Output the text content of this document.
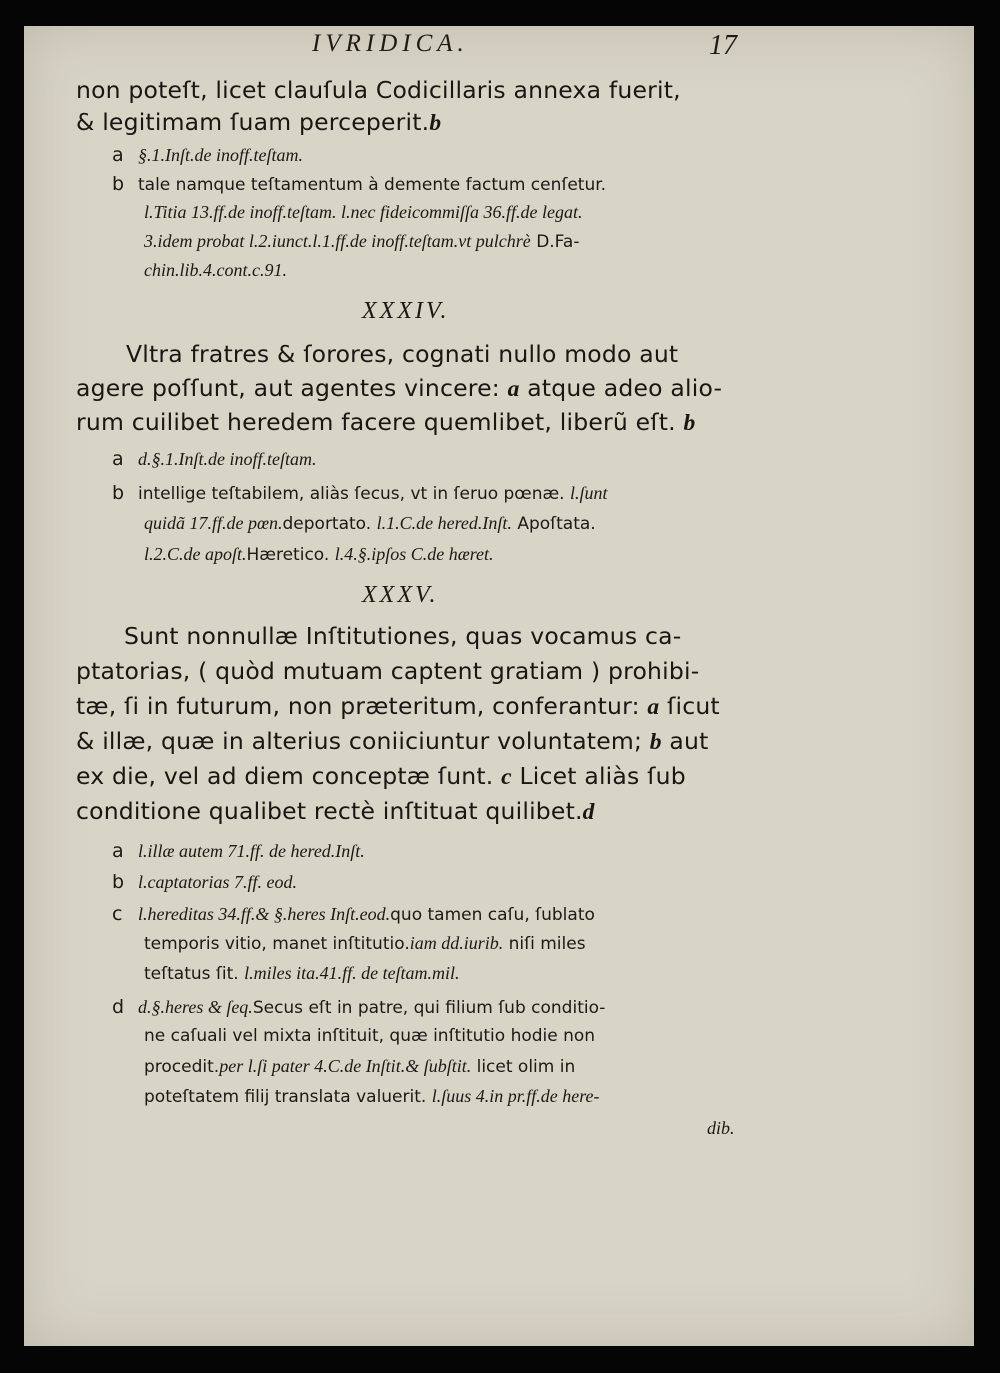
IVRIDICA.	17
non poteſt, licet clauſula Codicillaris annexa fuerit,
& legitimam ſuam perceperit.b
a §.1.Inſt.de inoff.teſtam.
b tale namque teſtamentum à demente factum cenſetur.
l.Titia 13.ff.de inoff.teſtam. l.nec fideicommiſſa 36.ff.de legat.
3.idem probat l.2.iunct.l.1.ff.de inoff.teſtam.vt pulchrè D.Fa-
chin.lib.4.cont.c.91.
XXXIV.
Vltra fratres & ſorores, cognati nullo modo aut
agere poſſunt, aut agentes vincere: a atque adeo alio-
rum cuilibet heredem facere quemlibet, liberũ eſt. b
a d.§.1.Inſt.de inoff.teſtam.
b intellige teſtabilem, aliàs ſecus, vt in ſeruo pœnæ. l.ſunt
quidã 17.ff.de pœn.deportato. l.1.C.de hered.Inſt. Apoſtata.
l.2.C.de apoſt.Hæretico. l.4.§.ipſos C.de hæret.
XXXV.
Sunt nonnullæ Inſtitutiones, quas vocamus ca-
ptatorias, ( quòd mutuam captent gratiam ) prohibi-
tæ, ſi in futurum, non præteritum, conferantur: a ſicut
& illæ, quæ in alterius coniiciuntur voluntatem; b aut
ex die, vel ad diem conceptæ ſunt. c Licet aliàs ſub
conditione qualibet rectè inſtituat quilibet.d
a l.illæ autem 71.ff. de hered.Inſt.
b l.captatorias 7.ff. eod.
c l.hereditas 34.ff.& §.heres Inſt.eod.quo tamen caſu, ſublato
temporis vitio, manet inſtitutio.iam dd.iurib. niſi miles
teſtatus ſit. l.miles ita.41.ff. de teſtam.mil.
d d.§.heres & ſeq.Secus eſt in patre, qui filium ſub conditio-
ne caſuali vel mixta inſtituit, quæ inſtitutio hodie non
procedit.per l.ſi pater 4.C.de Inſtit.& ſubſtit. licet olim in
poteſtatem filij translata valuerit. l.ſuus 4.in pr.ff.de here-
dib.
